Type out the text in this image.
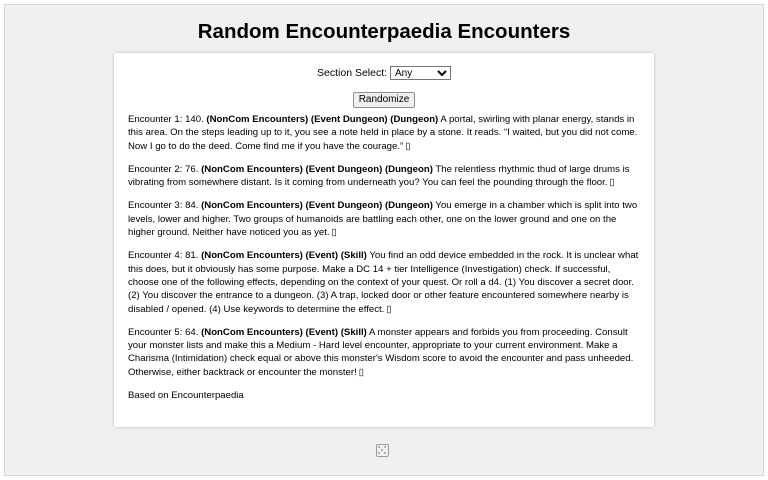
Random Encounterpaedia Encounters
Section Select:
Any
Randomize

Encounter 1: 140. (NonCom Encounters) (Event Dungeon) (Dungeon) A portal, swirling with planar energy, stands in this area. On the steps leading up to it, you see a note held in place by a stone. It reads. “I waited, but you did not come. Now I go to do the deed. Come find me if you have the courage.” ▯

Encounter 2: 76. (NonCom Encounters) (Event Dungeon) (Dungeon) The relentless rhythmic thud of large drums is vibrating from somewhere distant. Is it coming from underneath you? You can feel the pounding through the floor. ▯

Encounter 3: 84. (NonCom Encounters) (Event Dungeon) (Dungeon) You emerge in a chamber which is split into two levels, lower and higher. Two groups of humanoids are battling each other, one on the lower ground and one on the higher ground. Neither have noticed you as yet. ▯

Encounter 4: 81. (NonCom Encounters) (Event) (Skill) You find an odd device embedded in the rock. It is unclear what this does, but it obviously has some purpose. Make a DC 14 + tier Intelligence (Investigation) check. If successful, choose one of the following effects, depending on the context of your quest. Or roll a d4. (1) You discover a secret door. (2) You discover the entrance to a dungeon. (3) A trap, locked door or other feature encountered somewhere nearby is disabled / opened. (4) Use keywords to determine the effect. ▯

Encounter 5: 64. (NonCom Encounters) (Event) (Skill) A monster appears and forbids you from proceeding. Consult your monster lists and make this a Medium - Hard level encounter, appropriate to your current environment. Make a Charisma (Intimidation) check equal or above this monster's Wisdom score to avoid the encounter and pass unheeded. Otherwise, either backtrack or encounter the monster! ▯

Based on Encounterpaedia
